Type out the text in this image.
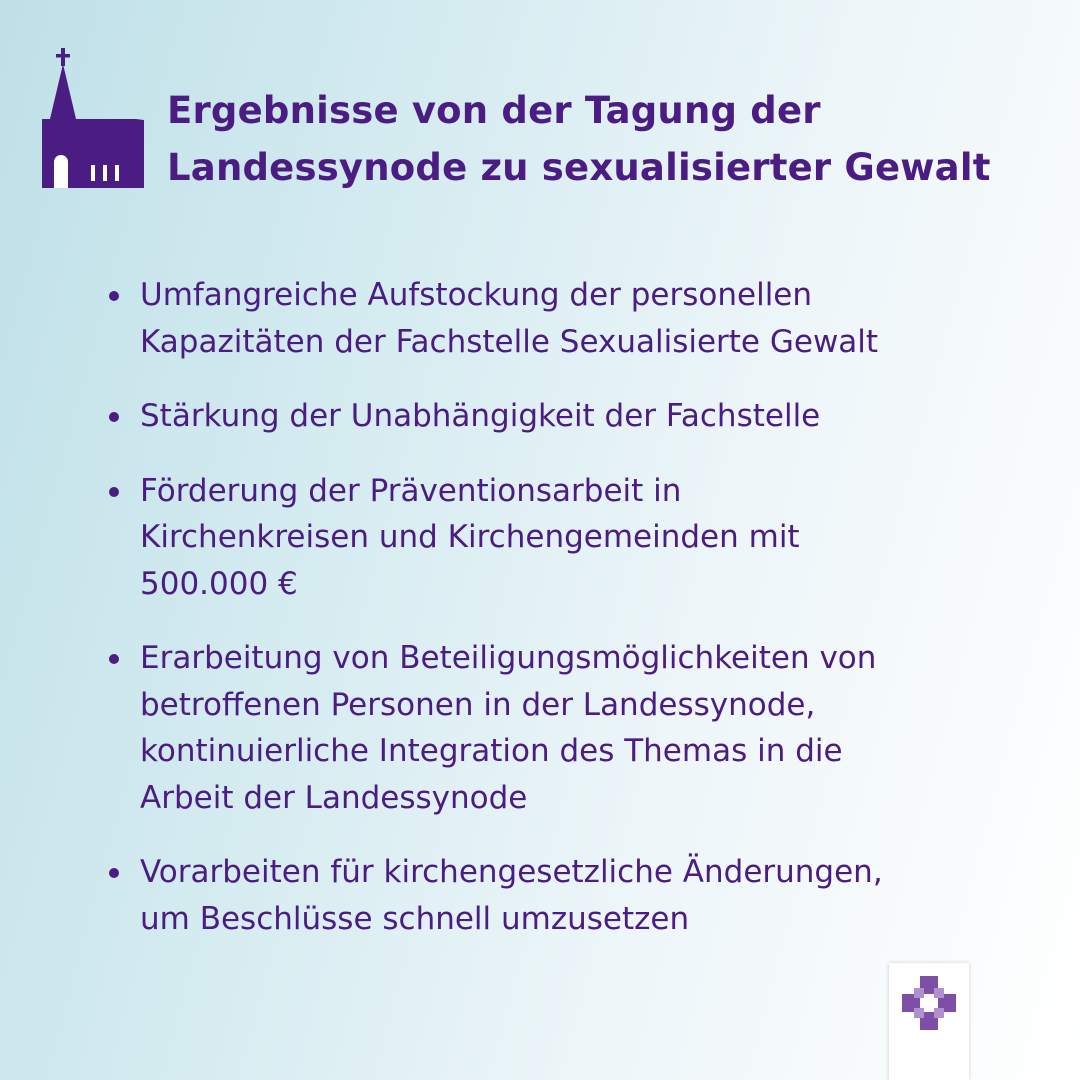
Ergebnisse von der Tagung der
Landessynode zu sexualisierter Gewalt
Umfangreiche Aufstockung der personellen
Kapazitäten der Fachstelle Sexualisierte Gewalt
Stärkung der Unabhängigkeit der Fachstelle
Förderung der Präventionsarbeit in
Kirchenkreisen und Kirchengemeinden mit
500.000 €
Erarbeitung von Beteiligungsmöglichkeiten von
betroffenen Personen in der Landessynode,
kontinuierliche Integration des Themas in die
Arbeit der Landessynode
Vorarbeiten für kirchengesetzliche Änderungen,
um Beschlüsse schnell umzusetzen
